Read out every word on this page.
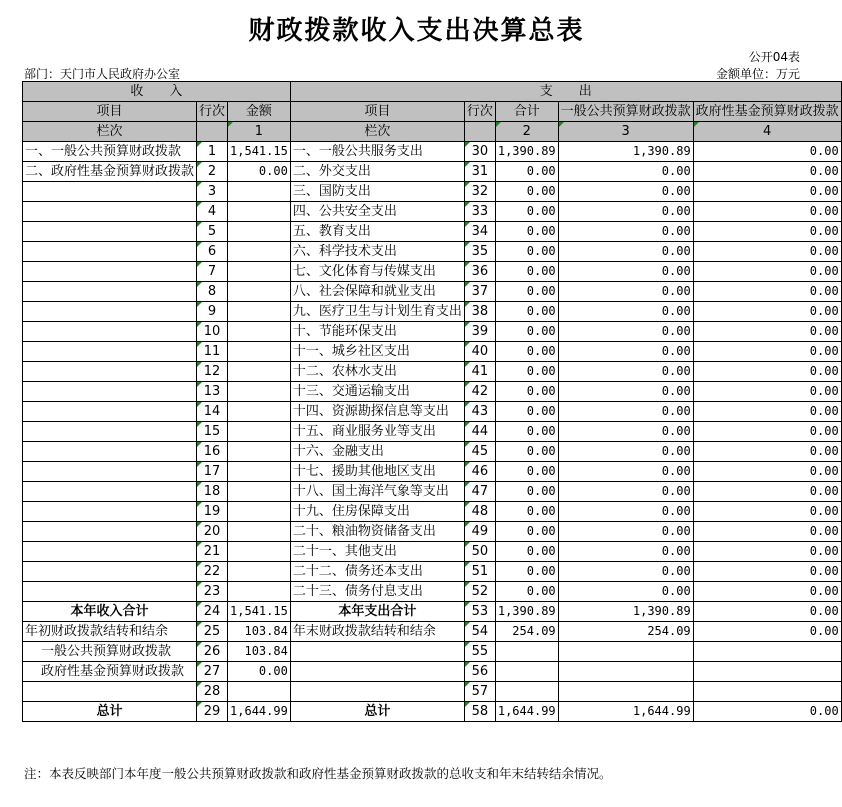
财政拨款收入支出决算总表
公开04表
部门：天门市人民政府办公室	金额单位：万元
收　　入			支　　出				
项目	行次	金额	项目	行次	合计	一般公共预算财政拨款	政府性基金预算财政拨款
栏次		1	栏次		2	3	4
一、一般公共预算财政拨款	1	1,541.15	一、一般公共服务支出	30	1,390.89	1,390.89	0.00
二、政府性基金预算财政拨款	2	0.00	二、外交支出	31	0.00	0.00	0.00
	3		三、国防支出	32	0.00	0.00	0.00
	4		四、公共安全支出	33	0.00	0.00	0.00
	5		五、教育支出	34	0.00	0.00	0.00
	6		六、科学技术支出	35	0.00	0.00	0.00
	7		七、文化体育与传媒支出	36	0.00	0.00	0.00
	8		八、社会保障和就业支出	37	0.00	0.00	0.00
	9		九、医疗卫生与计划生育支出	38	0.00	0.00	0.00
	10		十、节能环保支出	39	0.00	0.00	0.00
	11		十一、城乡社区支出	40	0.00	0.00	0.00
	12		十二、农林水支出	41	0.00	0.00	0.00
	13		十三、交通运输支出	42	0.00	0.00	0.00
	14		十四、资源勘探信息等支出	43	0.00	0.00	0.00
	15		十五、商业服务业等支出	44	0.00	0.00	0.00
	16		十六、金融支出	45	0.00	0.00	0.00
	17		十七、援助其他地区支出	46	0.00	0.00	0.00
	18		十八、国土海洋气象等支出	47	0.00	0.00	0.00
	19		十九、住房保障支出	48	0.00	0.00	0.00
	20		二十、粮油物资储备支出	49	0.00	0.00	0.00
	21		二十一、其他支出	50	0.00	0.00	0.00
	22		二十二、债务还本支出	51	0.00	0.00	0.00
	23		二十三、债务付息支出	52	0.00	0.00	0.00
本年收入合计	24	1,541.15	本年支出合计	53	1,390.89	1,390.89	0.00
年初财政拨款结转和结余	25	103.84	年末财政拨款结转和结余	54	254.09	254.09	0.00
一般公共预算财政拨款	26	103.84		55			
政府性基金预算财政拨款	27	0.00		56			
	28			57			
总计	29	1,644.99	总计	58	1,644.99	1,644.99	0.00
注：本表反映部门本年度一般公共预算财政拨款和政府性基金预算财政拨款的总收支和年末结转结余情况。
